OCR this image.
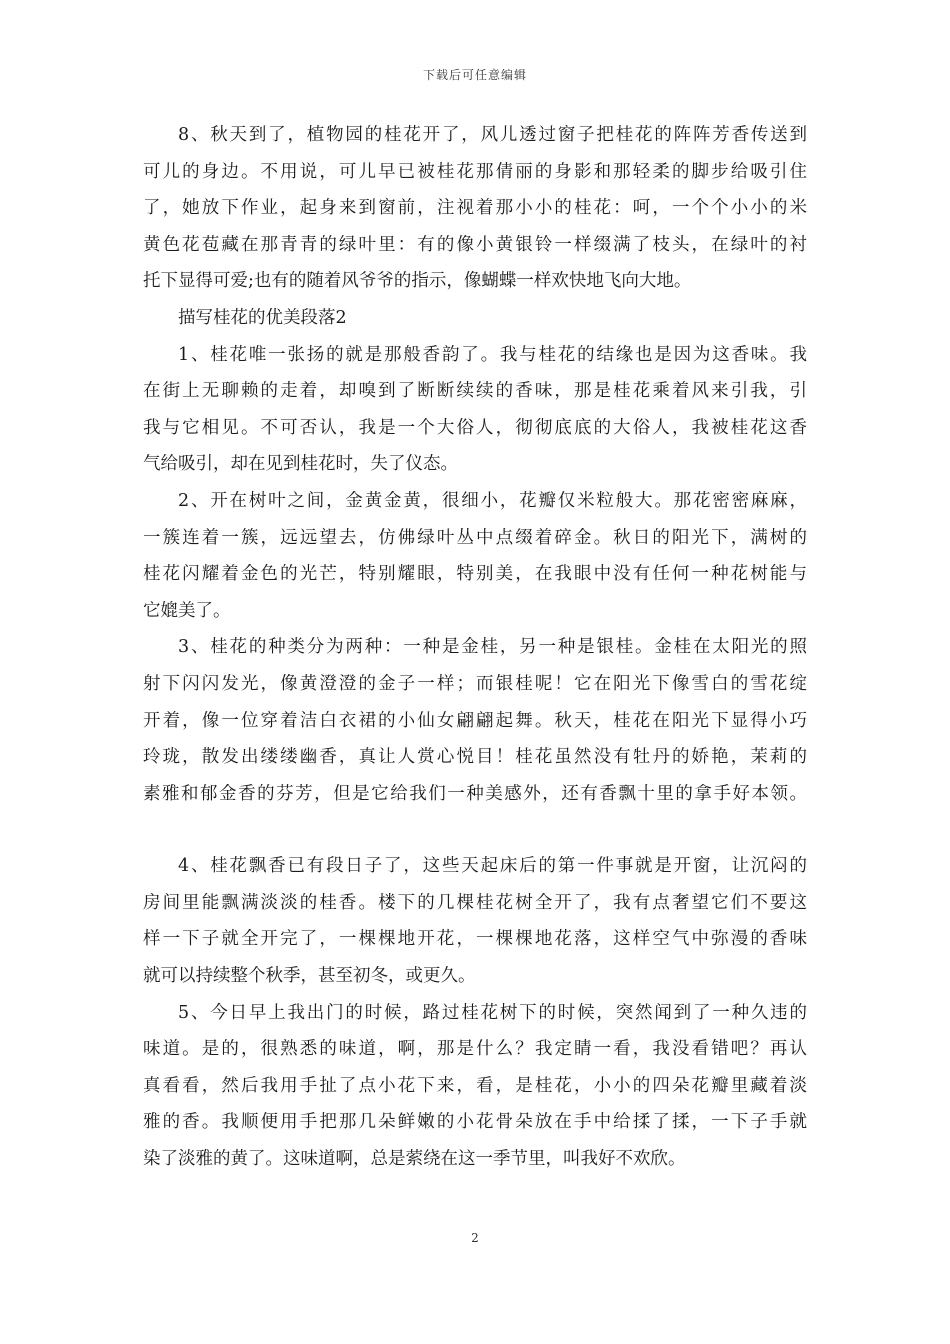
下载后可任意编辑
8、秋天到了，植物园的桂花开了，风儿透过窗子把桂花的阵阵芳香传送到
可儿的身边。不用说，可儿早已被桂花那倩丽的身影和那轻柔的脚步给吸引住
了，她放下作业，起身来到窗前，注视着那小小的桂花：呵，一个个小小的米
黄色花苞藏在那青青的绿叶里：有的像小黄银铃一样缀满了枝头，在绿叶的衬
托下显得可爱;也有的随着风爷爷的指示，像蝴蝶一样欢快地飞向大地。
描写桂花的优美段落2
1、桂花唯一张扬的就是那般香韵了。我与桂花的结缘也是因为这香味。我
在街上无聊赖的走着，却嗅到了断断续续的香味，那是桂花乘着风来引我，引
我与它相见。不可否认，我是一个大俗人，彻彻底底的大俗人，我被桂花这香
气给吸引，却在见到桂花时，失了仪态。
2、开在树叶之间，金黄金黄，很细小，花瓣仅米粒般大。那花密密麻麻，
一簇连着一簇，远远望去，仿佛绿叶丛中点缀着碎金。秋日的阳光下，满树的
桂花闪耀着金色的光芒，特别耀眼，特别美，在我眼中没有任何一种花树能与
它媲美了。
3、桂花的种类分为两种：一种是金桂，另一种是银桂。金桂在太阳光的照
射下闪闪发光，像黄澄澄的金子一样；而银桂呢！它在阳光下像雪白的雪花绽
开着，像一位穿着洁白衣裙的小仙女翩翩起舞。秋天，桂花在阳光下显得小巧
玲珑，散发出缕缕幽香，真让人赏心悦目！桂花虽然没有牡丹的娇艳，茉莉的
素雅和郁金香的芬芳，但是它给我们一种美感外，还有香飘十里的拿手好本领。
4、桂花飘香已有段日子了，这些天起床后的第一件事就是开窗，让沉闷的
房间里能飘满淡淡的桂香。楼下的几棵桂花树全开了，我有点奢望它们不要这
样一下子就全开完了，一棵棵地开花，一棵棵地花落，这样空气中弥漫的香味
就可以持续整个秋季，甚至初冬，或更久。
5、今日早上我出门的时候，路过桂花树下的时候，突然闻到了一种久违的
味道。是的，很熟悉的味道，啊，那是什么？我定睛一看，我没看错吧？再认
真看看，然后我用手扯了点小花下来，看，是桂花，小小的四朵花瓣里藏着淡
雅的香。我顺便用手把那几朵鲜嫩的小花骨朵放在手中给揉了揉，一下子手就
染了淡雅的黄了。这味道啊，总是萦绕在这一季节里，叫我好不欢欣。
2
